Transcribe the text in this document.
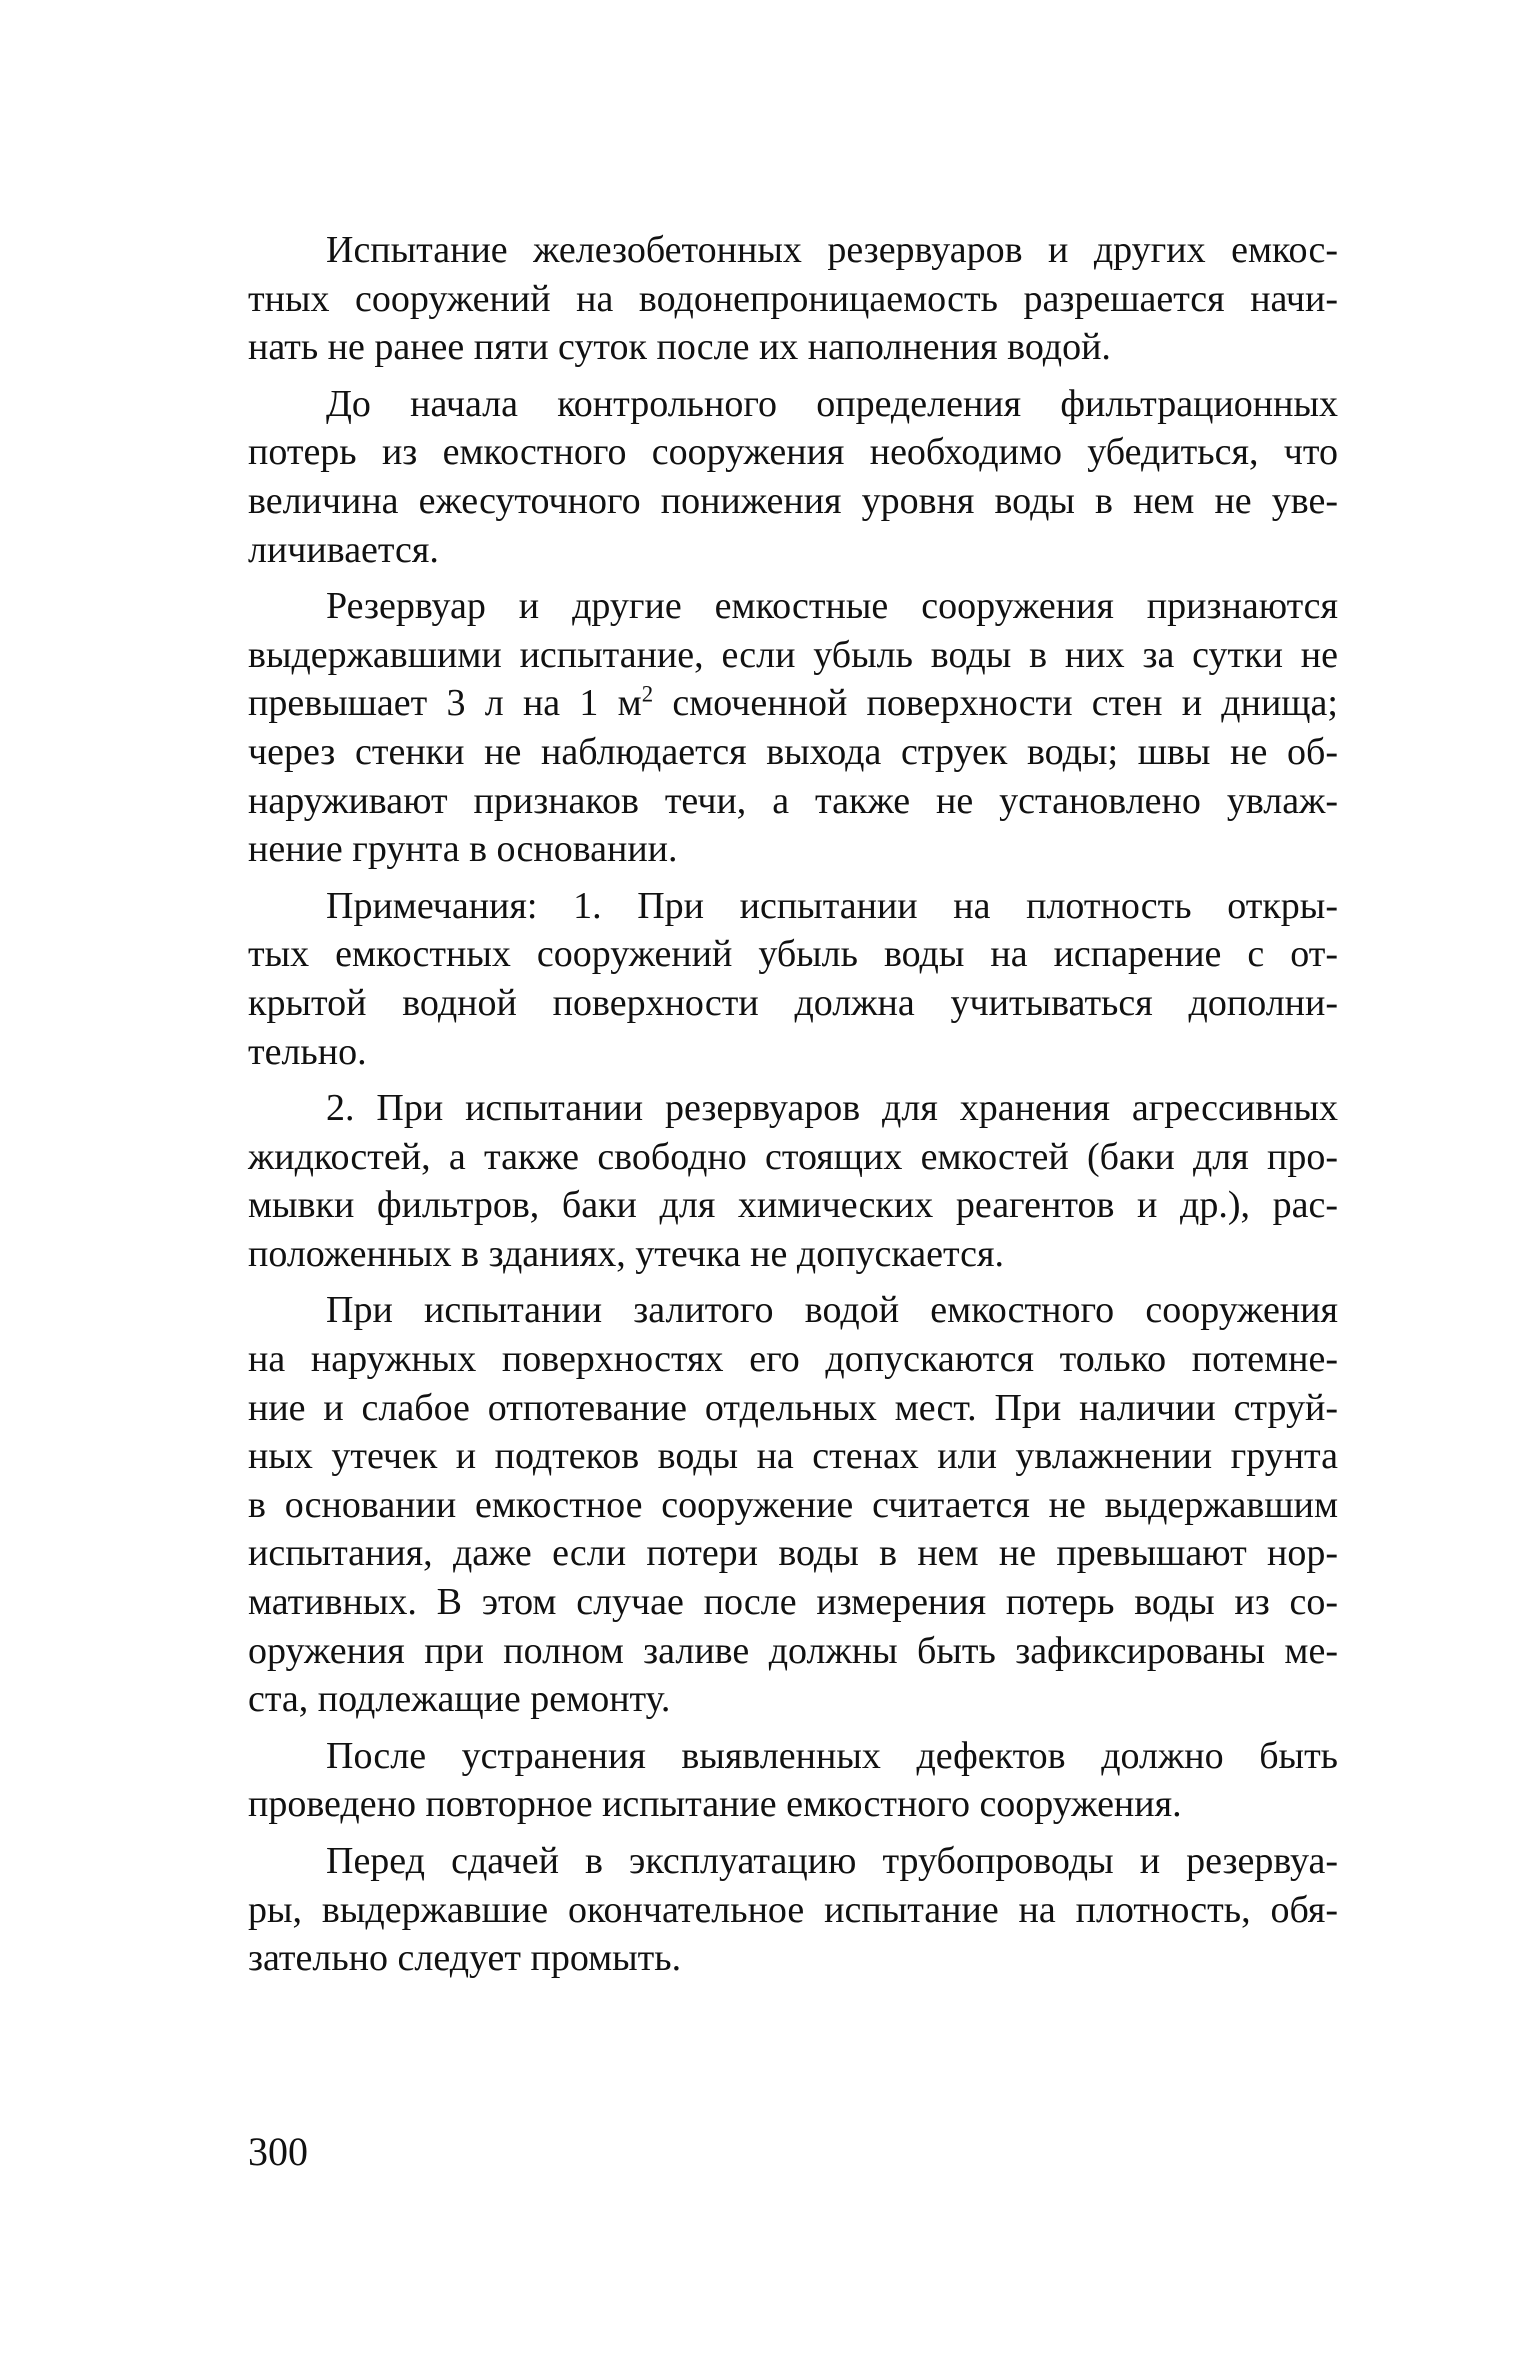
Испытание железобетонных резервуаров и других емкос-
тных сооружений на водонепроницаемость разрешается начи-
нать не ранее пяти суток после их наполнения водой.
До начала контрольного определения фильтрационных
потерь из емкостного сооружения необходимо убедиться, что
величина ежесуточного понижения уровня воды в нем не уве-
личивается.
Резервуар и другие емкостные сооружения признаются
выдержавшими испытание, если убыль воды в них за сутки не
превышает 3 л на 1 $м^2$ смоченной поверхности стен и днища;
через стенки не наблюдается выхода струек воды; швы не об-
наруживают признаков течи, а также не установлено увлаж-
нение грунта в основании.
Примечания: 1. При испытании на плотность откры-
тых емкостных сооружений убыль воды на испарение с от-
крытой водной поверхности должна учитываться дополни-
тельно.
2. При испытании резервуаров для хранения агрессивных
жидкостей, а также свободно стоящих емкостей (баки для про-
мывки фильтров, баки для химических реагентов и др.), рас-
положенных в зданиях, утечка не допускается.
При испытании залитого водой емкостного сооружения
на наружных поверхностях его допускаются только потемне-
ние и слабое отпотевание отдельных мест. При наличии струй-
ных утечек и подтеков воды на стенах или увлажнении грунта
в основании емкостное сооружение считается не выдержавшим
испытания, даже если потери воды в нем не превышают нор-
мативных. В этом случае после измерения потерь воды из со-
оружения при полном заливе должны быть зафиксированы ме-
ста, подлежащие ремонту.
После устранения выявленных дефектов должно быть
проведено повторное испытание емкостного сооружения.
Перед сдачей в эксплуатацию трубопроводы и резервуа-
ры, выдержавшие окончательное испытание на плотность, обя-
зательно следует промыть.
300
